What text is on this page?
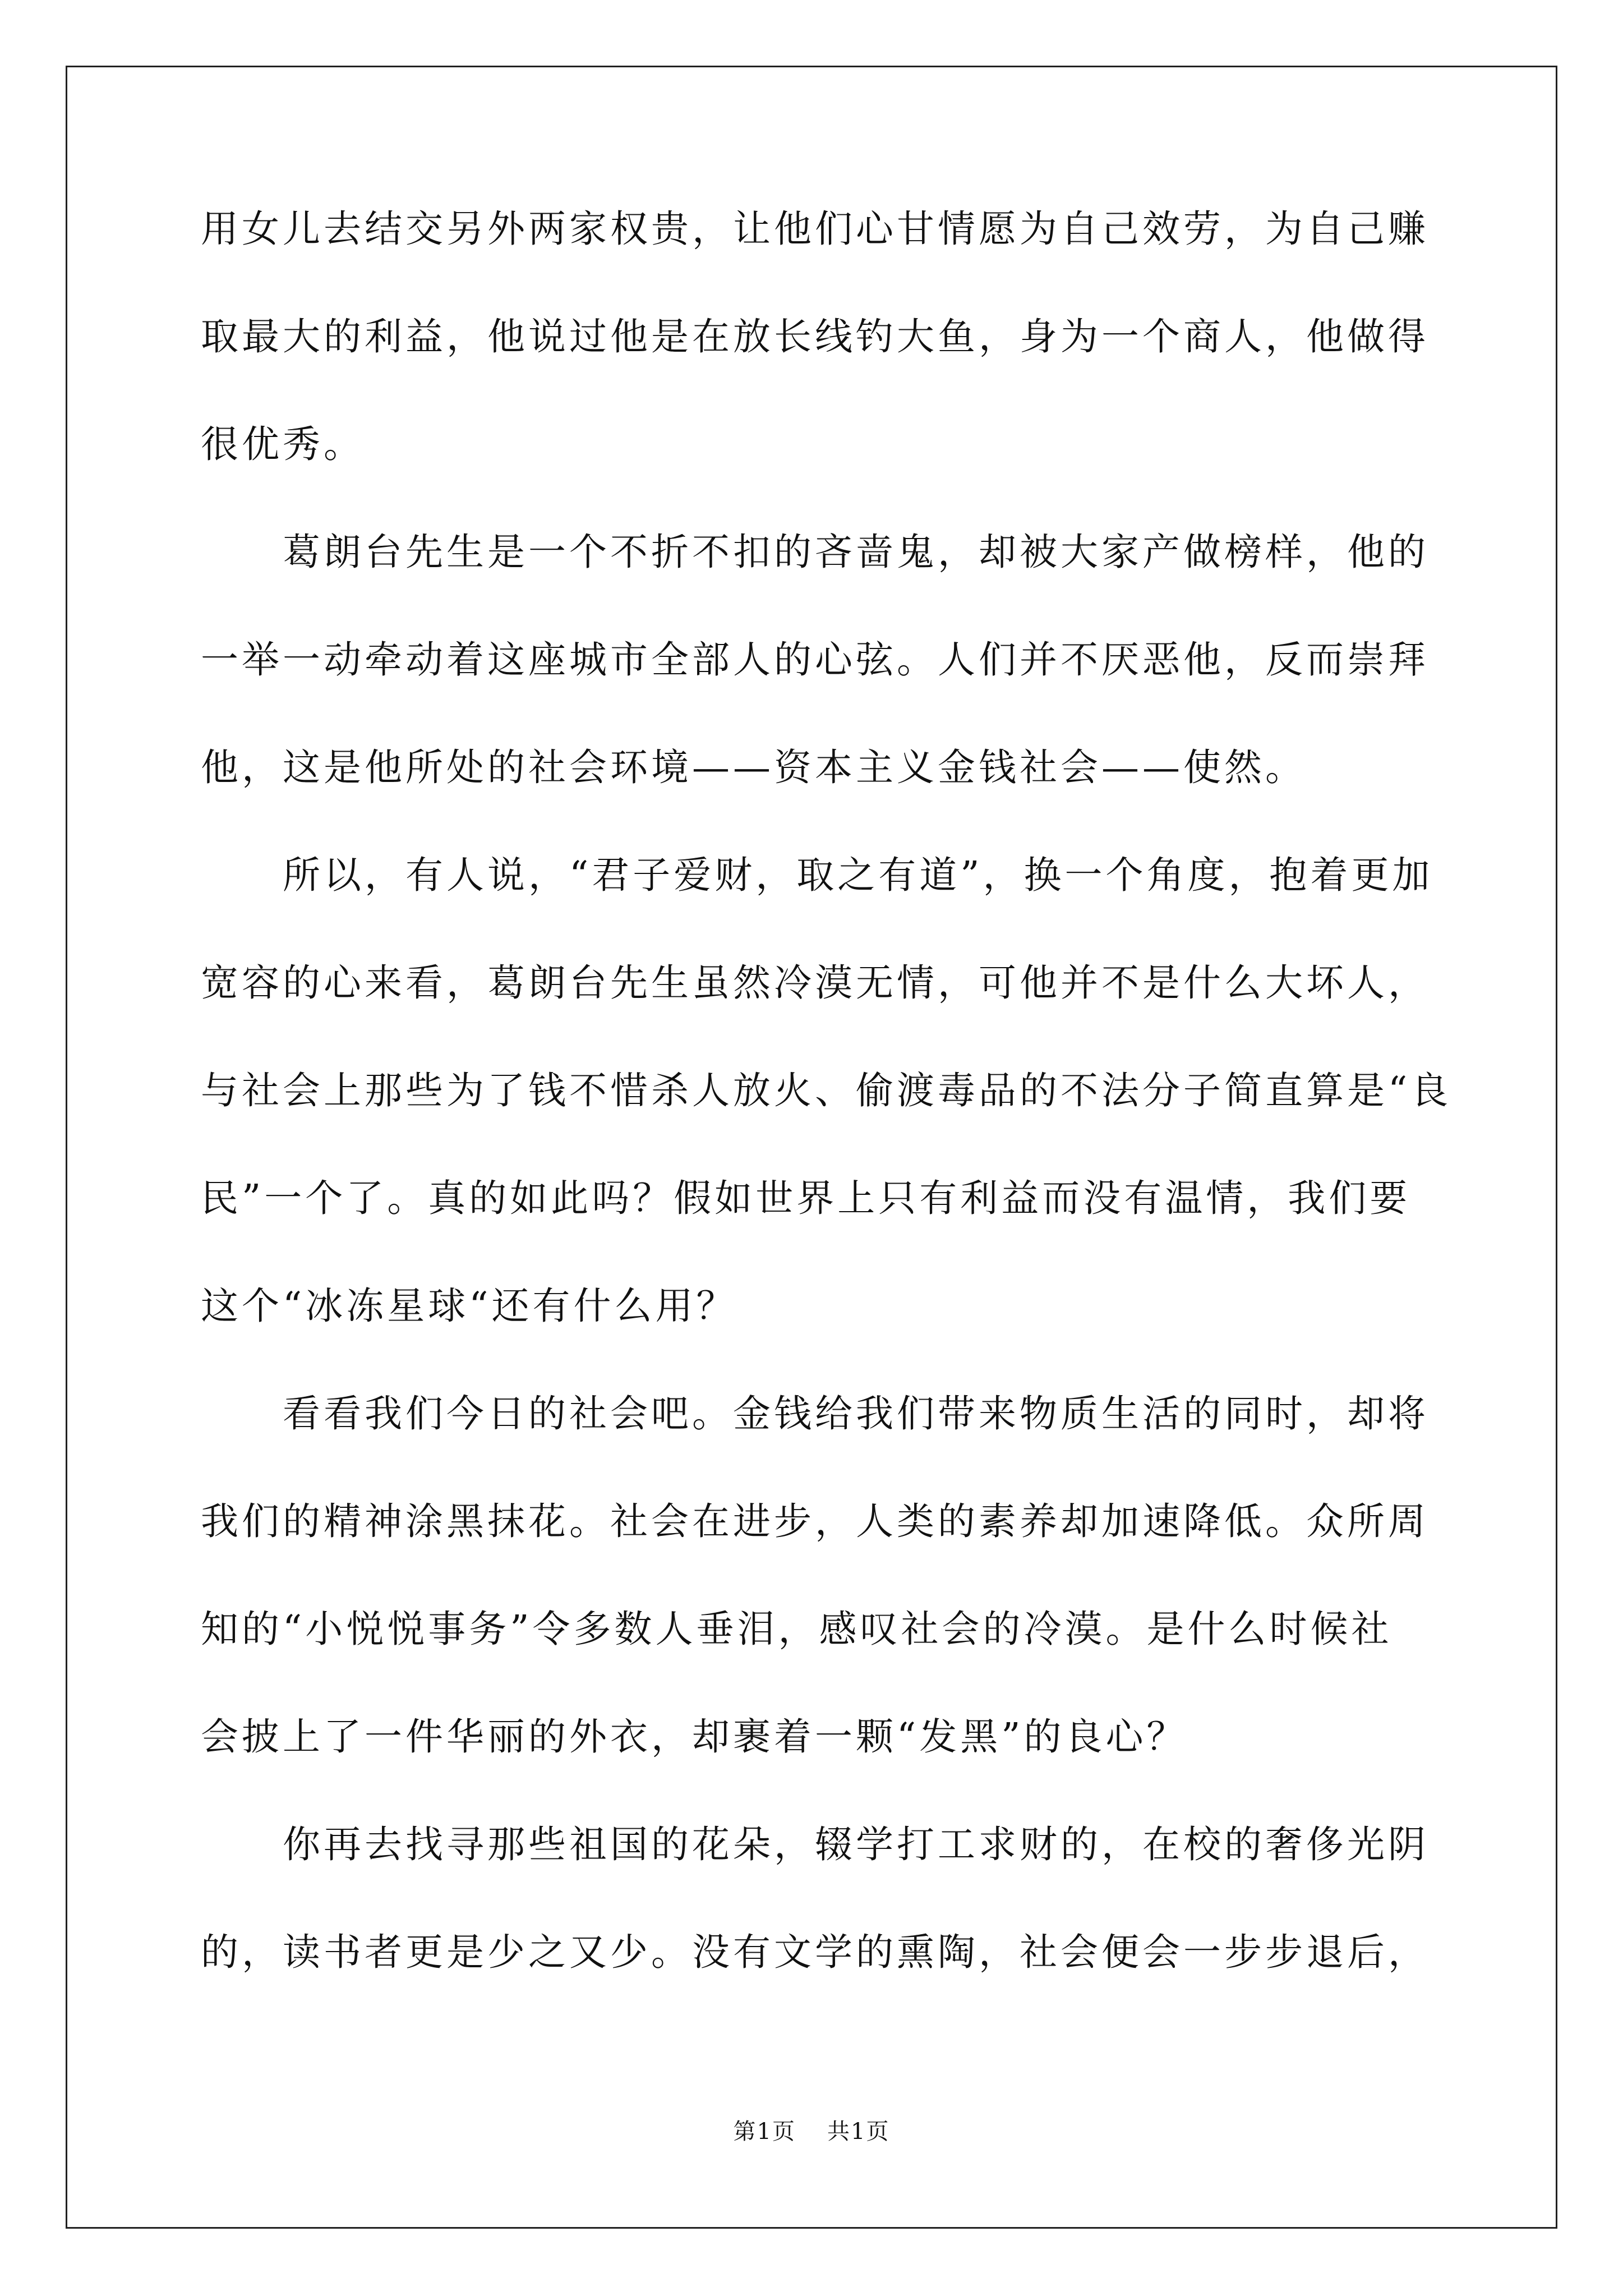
用女儿去结交另外两家权贵，让他们心甘情愿为自己效劳，为自己赚
取最大的利益，他说过他是在放长线钓大鱼，身为一个商人，他做得
很优秀。
葛朗台先生是一个不折不扣的吝啬鬼，却被大家产做榜样，他的
一举一动牵动着这座城市全部人的心弦。人们并不厌恶他，反而崇拜
他，这是他所处的社会环境——资本主义金钱社会——使然。
所以，有人说，“君子爱财，取之有道”，换一个角度，抱着更加
宽容的心来看，葛朗台先生虽然冷漠无情，可他并不是什么大坏人，
与社会上那些为了钱不惜杀人放火、偷渡毒品的不法分子简直算是“良
民”一个了。真的如此吗？假如世界上只有利益而没有温情，我们要
这个“冰冻星球“还有什么用？
看看我们今日的社会吧。金钱给我们带来物质生活的同时，却将
我们的精神涂黑抹花。社会在进步，人类的素养却加速降低。众所周
知的“小悦悦事务”令多数人垂泪，感叹社会的冷漠。是什么时候社
会披上了一件华丽的外衣，却裹着一颗“发黑”的良心？
你再去找寻那些祖国的花朵，辍学打工求财的，在校的奢侈光阴
的，读书者更是少之又少。没有文学的熏陶，社会便会一步步退后，
第1页 共1页
